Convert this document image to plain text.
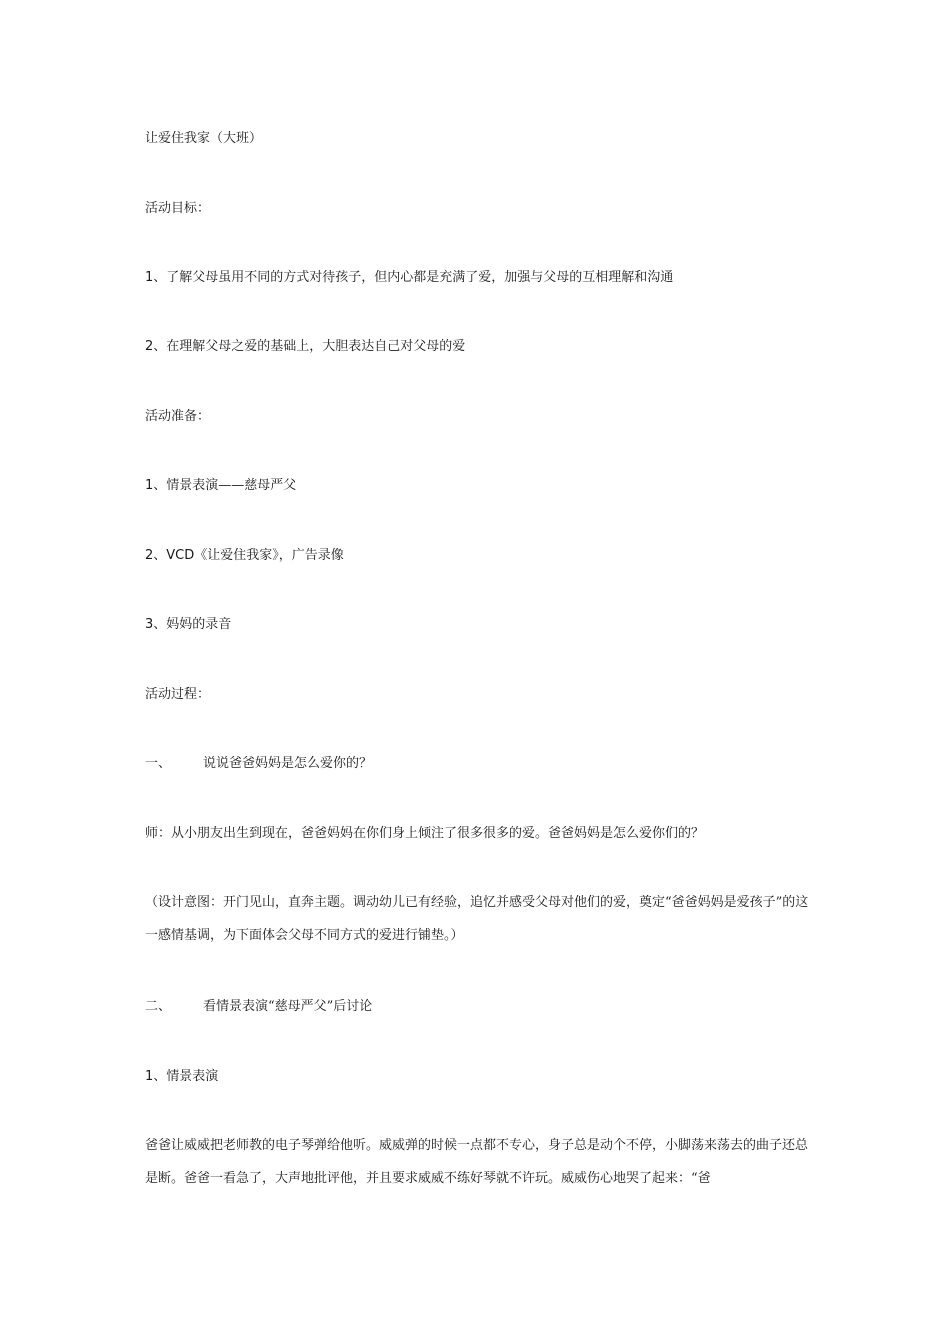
让爱住我家（大班）
活动目标：
1、了解父母虽用不同的方式对待孩子，但内心都是充满了爱，加强与父母的互相理解和沟通
2、在理解父母之爱的基础上，大胆表达自己对父母的爱
活动准备：
1、情景表演——慈母严父
2、VCD《让爱住我家》，广告录像
3、妈妈的录音
活动过程：
一、 说说爸爸妈妈是怎么爱你的？
师：从小朋友出生到现在，爸爸妈妈在你们身上倾注了很多很多的爱。爸爸妈妈是怎么爱你们的？
（设计意图：开门见山，直奔主题。调动幼儿已有经验，追忆并感受父母对他们的爱，奠定“爸爸妈妈是爱孩子”的这一感情基调，为下面体会父母不同方式的爱进行铺垫。）
二、 看情景表演“慈母严父”后讨论
1、情景表演
爸爸让威威把老师教的电子琴弹给他听。威威弹的时候一点都不专心，身子总是动个不停，小脚荡来荡去的曲子还总是断。爸爸一看急了，大声地批评他，并且要求威威不练好琴就不许玩。威威伤心地哭了起来：“爸
